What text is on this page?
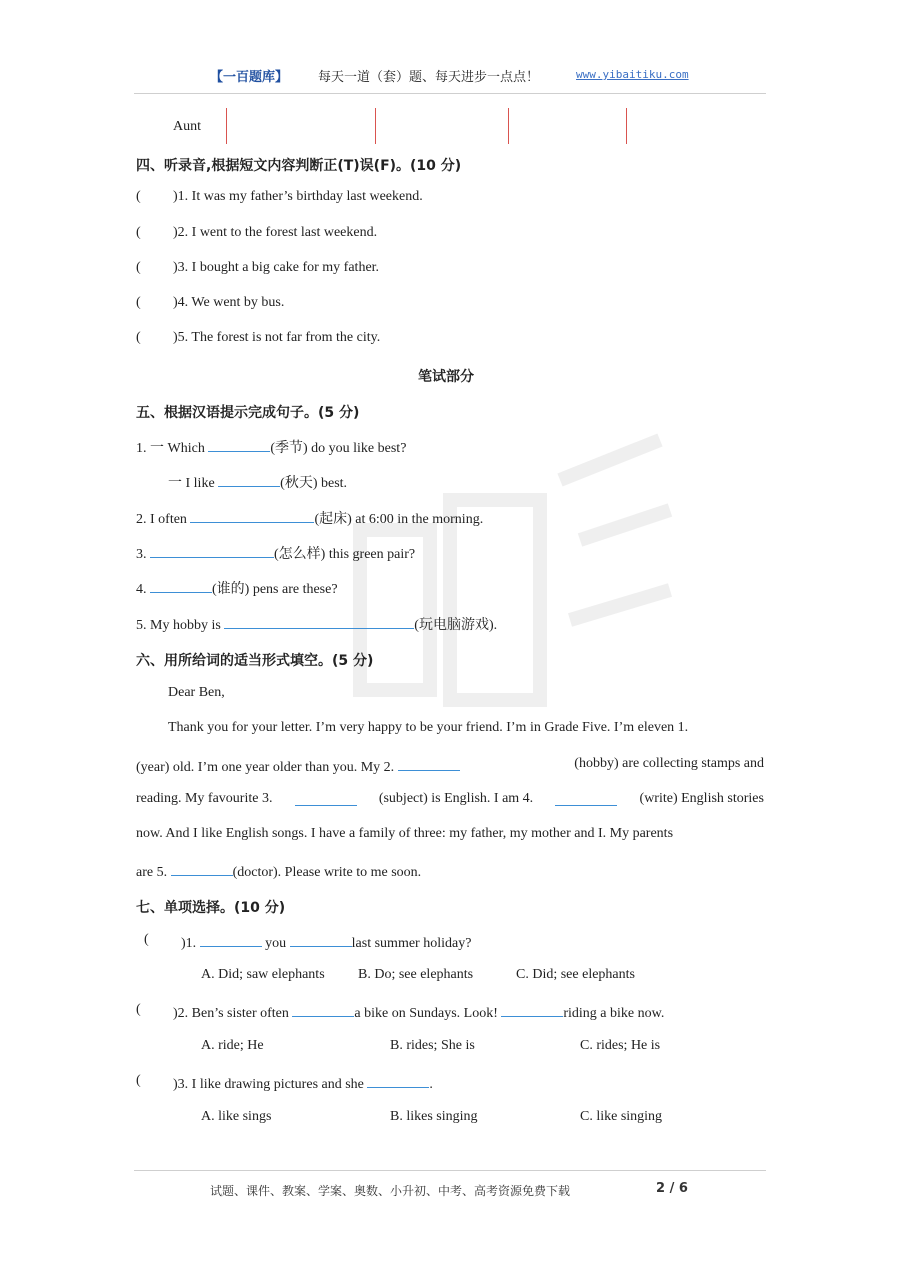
【一百题库】 每天一道（套）题、每天进步一点点！	www.yibaitiku.com
Aunt
四、听录音,根据短文内容判断正(T)误(F)。(10 分)
( )1. It was my father’s birthday last weekend.
( )2. I went to the forest last weekend.
( )3. I bought a big cake for my father.
( )4. We went by bus.
( )5. The forest is not far from the city.
笔试部分
五、根据汉语提示完成句子。(5 分)
1. 一 Which	(季节) do you like best?
一 I like	(秋天) best.
2. I often	(起床) at 6:00 in the morning.
3.	(怎么样) this green pair?
4.	(谁的) pens are these?
5. My hobby is	(玩电脑游戏).
六、用所给词的适当形式填空。(5 分)
Dear Ben,
Thank you for your letter. I’m very happy to be your friend. I’m in Grade Five. I’m eleven 1.
(year) old. I’m one year older than you. My 2.	(hobby) are collecting stamps and
reading. My favourite 3.	(subject) is English. I am 4.	(write) English stories
now. And I like English songs. I have a family of three: my father, my mother and I. My parents
are 5.	(doctor). Please write to me soon.
七、单项选择。(10 分)
( )1.	you	last summer holiday?
A. Did; saw elephants B. Do; see elephants	C. Did; see elephants
( )2. Ben’s sister often	a bike on Sundays. Look!	riding a bike now.
A. ride; He	B. rides; She is	C. rides; He is
( )3. I like drawing pictures and she	.
A. like sings	B. likes singing	C. like singing
试题、课件、教案、学案、奥数、小升初、中考、高考资源免费下载	2 / 6
